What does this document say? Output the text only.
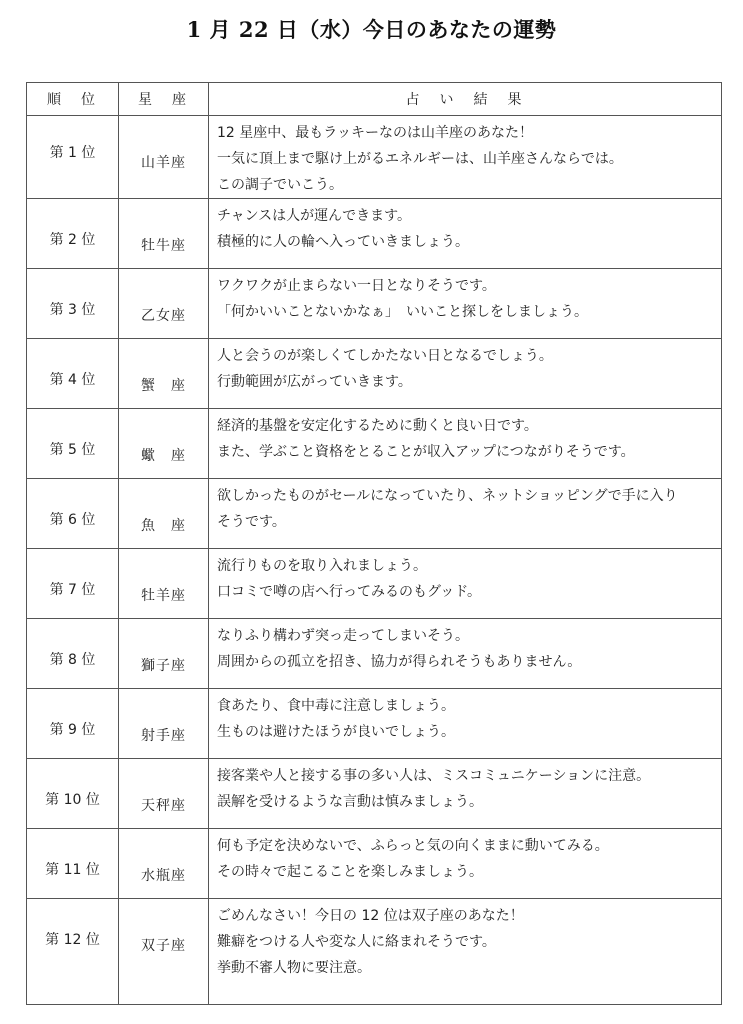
1 月 22 日（水）今日のあなたの運勢
順　位	星　座	占　い　結　果

第 1 位	山羊座	12 星座中、最もラッキーなのは山羊座のあなた！
一気に頂上まで駆け上がるエネルギーは、山羊座さんならでは。
この調子でいこう。

第 2 位	牡牛座	チャンスは人が運んできます。
積極的に人の輪へ入っていきましょう。

第 3 位	乙女座	ワクワクが止まらない一日となりそうです。
「何かいいことないかなぁ」　いいこと探しをしましょう。

第 4 位	蟹　座	人と会うのが楽しくてしかたない日となるでしょう。
行動範囲が広がっていきます。

第 5 位	蠍　座	経済的基盤を安定化するために動くと良い日です。
また、学ぶこと資格をとることが収入アップにつながりそうです。

第 6 位	魚　座	欲しかったものがセールになっていたり、ネットショッピングで手に入り
そうです。

第 7 位	牡羊座	流行りものを取り入れましょう。
口コミで噂の店へ行ってみるのもグッド。

第 8 位	獅子座	なりふり構わず突っ走ってしまいそう。
周囲からの孤立を招き、協力が得られそうもありません。

第 9 位	射手座	食あたり、食中毒に注意しましょう。
生ものは避けたほうが良いでしょう。

第 10 位	天秤座	接客業や人と接する事の多い人は、ミスコミュニケーションに注意。
誤解を受けるような言動は慎みましょう。

第 11 位	水瓶座	何も予定を決めないで、ふらっと気の向くままに動いてみる。
その時々で起こることを楽しみましょう。

第 12 位	双子座	ごめんなさい！今日の 12 位は双子座のあなた！
難癖をつける人や変な人に絡まれそうです。
挙動不審人物に要注意。
